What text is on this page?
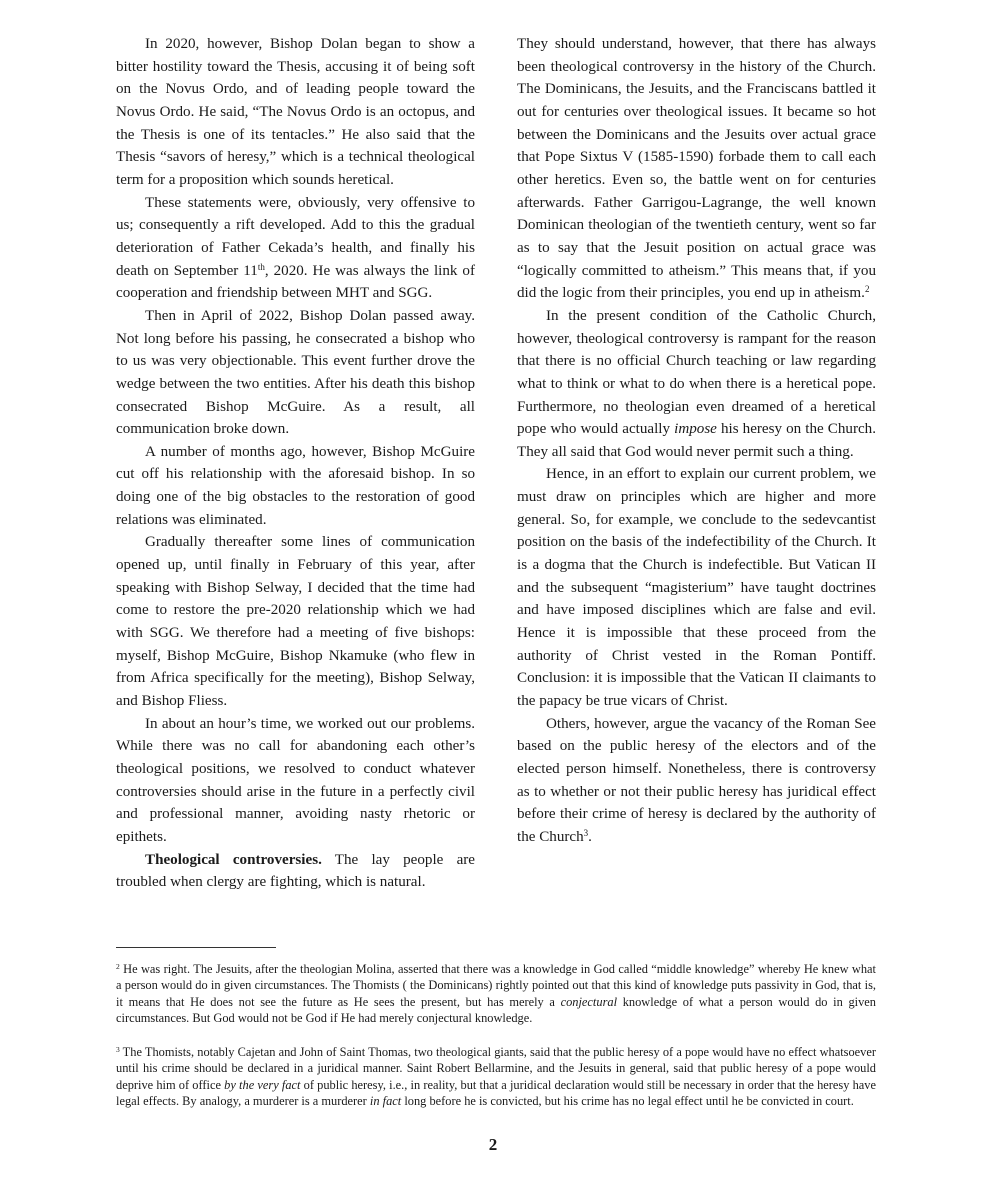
In 2020, however, Bishop Dolan began to show a bitter hostility toward the Thesis, accusing it of being soft on the Novus Ordo, and of leading people toward the Novus Ordo. He said, “The Novus Ordo is an octopus, and the Thesis is one of its tentacles.” He also said that the Thesis “savors of heresy,” which is a technical theological term for a proposition which sounds heretical.

These statements were, obviously, very offensive to us; consequently a rift developed. Add to this the gradual deterioration of Father Cekada’s health, and finally his death on September 11th, 2020. He was always the link of cooperation and friendship between MHT and SGG.

Then in April of 2022, Bishop Dolan passed away. Not long before his passing, he consecrated a bishop who to us was very objectionable. This event further drove the wedge between the two entities. After his death this bishop consecrated Bishop McGuire. As a result, all communication broke down.

A number of months ago, however, Bishop McGuire cut off his relationship with the aforesaid bishop. In so doing one of the big obstacles to the restoration of good relations was eliminated.

Gradually thereafter some lines of communication opened up, until finally in February of this year, after speaking with Bishop Selway, I decided that the time had come to restore the pre-2020 relationship which we had with SGG. We therefore had a meeting of five bishops: myself, Bishop McGuire, Bishop Nkamuke (who flew in from Africa specifically for the meeting), Bishop Selway, and Bishop Fliess.

In about an hour’s time, we worked out our problems. While there was no call for abandoning each other’s theological positions, we resolved to conduct whatever controversies should arise in the future in a perfectly civil and professional manner, avoiding nasty rhetoric or epithets.

Theological controversies. The lay people are troubled when clergy are fighting, which is natural.

They should understand, however, that there has always been theological controversy in the history of the Church. The Dominicans, the Jesuits, and the Franciscans battled it out for centuries over theological issues. It became so hot between the Dominicans and the Jesuits over actual grace that Pope Sixtus V (1585-1590) forbade them to call each other heretics. Even so, the battle went on for centuries afterwards. Father Garrigou-Lagrange, the well known Dominican theologian of the twentieth century, went so far as to say that the Jesuit position on actual grace was “logically committed to atheism.” This means that, if you did the logic from their principles, you end up in atheism.$^2$

In the present condition of the Catholic Church, however, theological controversy is rampant for the reason that there is no official Church teaching or law regarding what to think or what to do when there is a heretical pope. Furthermore, no theologian even dreamed of a heretical pope who would actually impose his heresy on the Church. They all said that God would never permit such a thing.

Hence, in an effort to explain our current problem, we must draw on principles which are higher and more general. So, for example, we conclude to the sedevcantist position on the basis of the indefectibility of the Church. It is a dogma that the Church is indefectible. But Vatican II and the subsequent “magisterium” have taught doctrines and have imposed disciplines which are false and evil. Hence it is impossible that these proceed from the authority of Christ vested in the Roman Pontiff. Conclusion: it is impossible that the Vatican II claimants to the papacy be true vicars of Christ.

Others, however, argue the vacancy of the Roman See based on the public heresy of the electors and of the elected person himself. Nonetheless, there is controversy as to whether or not their public heresy has juridical effect before their crime of heresy is declared by the authority of the Church$^3$.

$^2$ He was right. The Jesuits, after the theologian Molina, asserted that there was a knowledge in God called “middle knowledge” whereby He knew what a person would do in given circumstances. The Thomists ( the Dominicans) rightly pointed out that this kind of knowledge puts passivity in God, that is, it means that He does not see the future as He sees the present, but has merely a conjectural knowledge of what a person would do in given circumstances. But God would not be God if He had merely conjectural knowledge.

$^3$ The Thomists, notably Cajetan and John of Saint Thomas, two theological giants, said that the public heresy of a pope would have no effect whatsoever until his crime should be declared in a juridical manner. Saint Robert Bellarmine, and the Jesuits in general, said that public heresy of a pope would deprive him of office by the very fact of public heresy, i.e., in reality, but that a juridical declaration would still be necessary in order that the heresy have legal effects. By analogy, a murderer is a murderer in fact long before he is convicted, but his crime has no legal effect until he be convicted in court.

2
